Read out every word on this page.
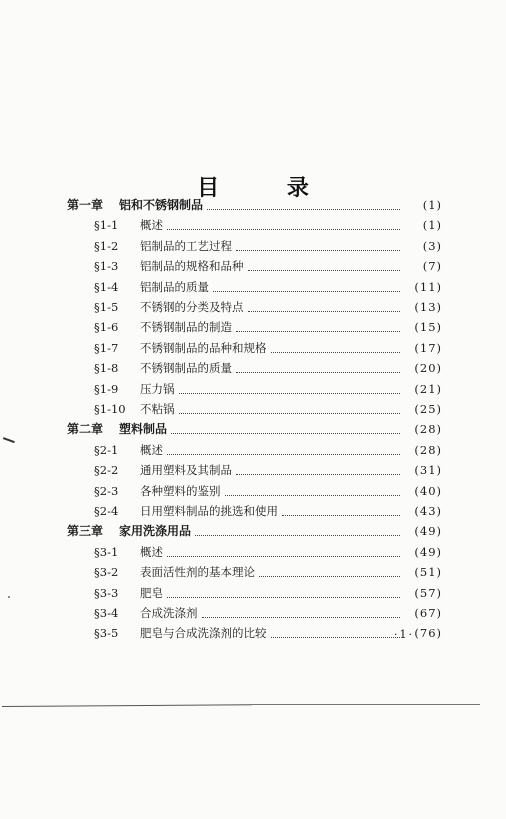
目 录
第一章 铝和不锈钢制品	(1)
§1-1 概述	(1)
§1-2 铝制品的工艺过程	(3)
§1-3 铝制品的规格和品种	(7)
§1-4 铝制品的质量	(11)
§1-5 不锈钢的分类及特点	(13)
§1-6 不锈钢制品的制造	(15)
§1-7 不锈钢制品的品种和规格	(17)
§1-8 不锈钢制品的质量	(20)
§1-9 压力锅	(21)
§1-10 不粘锅	(25)
第二章 塑料制品	(28)
§2-1 概述	(28)
§2-2 通用塑料及其制品	(31)
§2-3 各种塑料的鉴别	(40)
§2-4 日用塑料制品的挑选和使用	(43)
第三章 家用洗涤用品	(49)
§3-1 概述	(49)
§3-2 表面活性剂的基本理论	(51)
§3-3 肥皂	(57)
§3-4 合成洗涤剂	(67)
§3-5 肥皂与合成洗涤剂的比较	(76)
·1·
